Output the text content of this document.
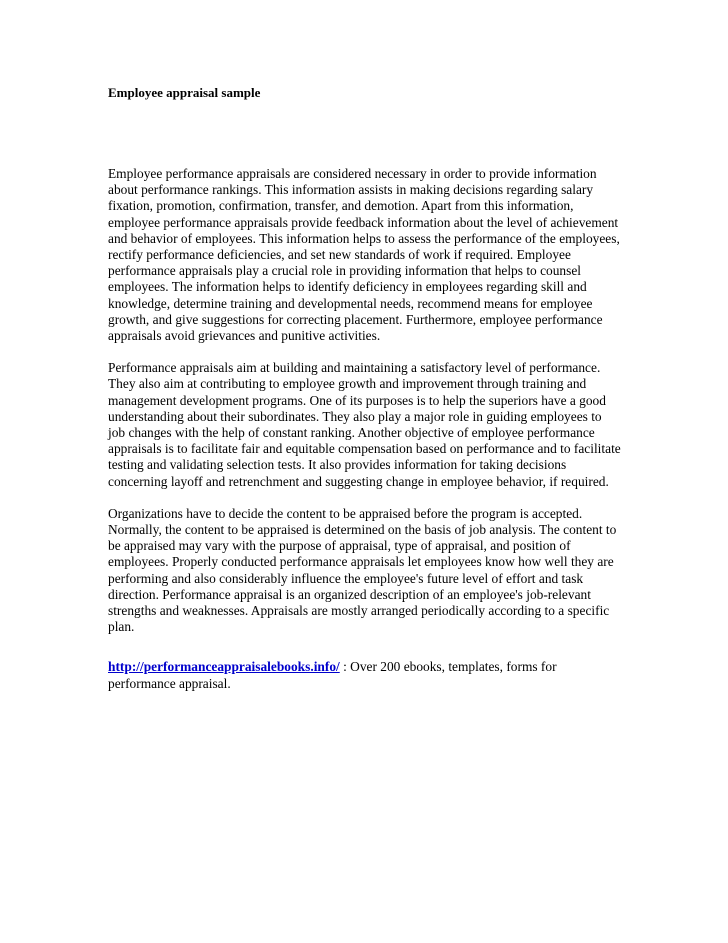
Employee appraisal sample

Employee performance appraisals are considered necessary in order to provide information about performance rankings. This information assists in making decisions regarding salary fixation, promotion, confirmation, transfer, and demotion. Apart from this information, employee performance appraisals provide feedback information about the level of achievement and behavior of employees. This information helps to assess the performance of the employees, rectify performance deficiencies, and set new standards of work if required. Employee performance appraisals play a crucial role in providing information that helps to counsel employees. The information helps to identify deficiency in employees regarding skill and knowledge, determine training and developmental needs, recommend means for employee growth, and give suggestions for correcting placement. Furthermore, employee performance appraisals avoid grievances and punitive activities.

Performance appraisals aim at building and maintaining a satisfactory level of performance. They also aim at contributing to employee growth and improvement through training and management development programs. One of its purposes is to help the superiors have a good understanding about their subordinates. They also play a major role in guiding employees to job changes with the help of constant ranking. Another objective of employee performance appraisals is to facilitate fair and equitable compensation based on performance and to facilitate testing and validating selection tests. It also provides information for taking decisions concerning layoff and retrenchment and suggesting change in employee behavior, if required.

Organizations have to decide the content to be appraised before the program is accepted. Normally, the content to be appraised is determined on the basis of job analysis. The content to be appraised may vary with the purpose of appraisal, type of appraisal, and position of employees. Properly conducted performance appraisals let employees know how well they are performing and also considerably influence the employee's future level of effort and task direction. Performance appraisal is an organized description of an employee's job-relevant strengths and weaknesses. Appraisals are mostly arranged periodically according to a specific plan.

http://performanceappraisalebooks.info/ : Over 200 ebooks, templates, forms for performance appraisal.
